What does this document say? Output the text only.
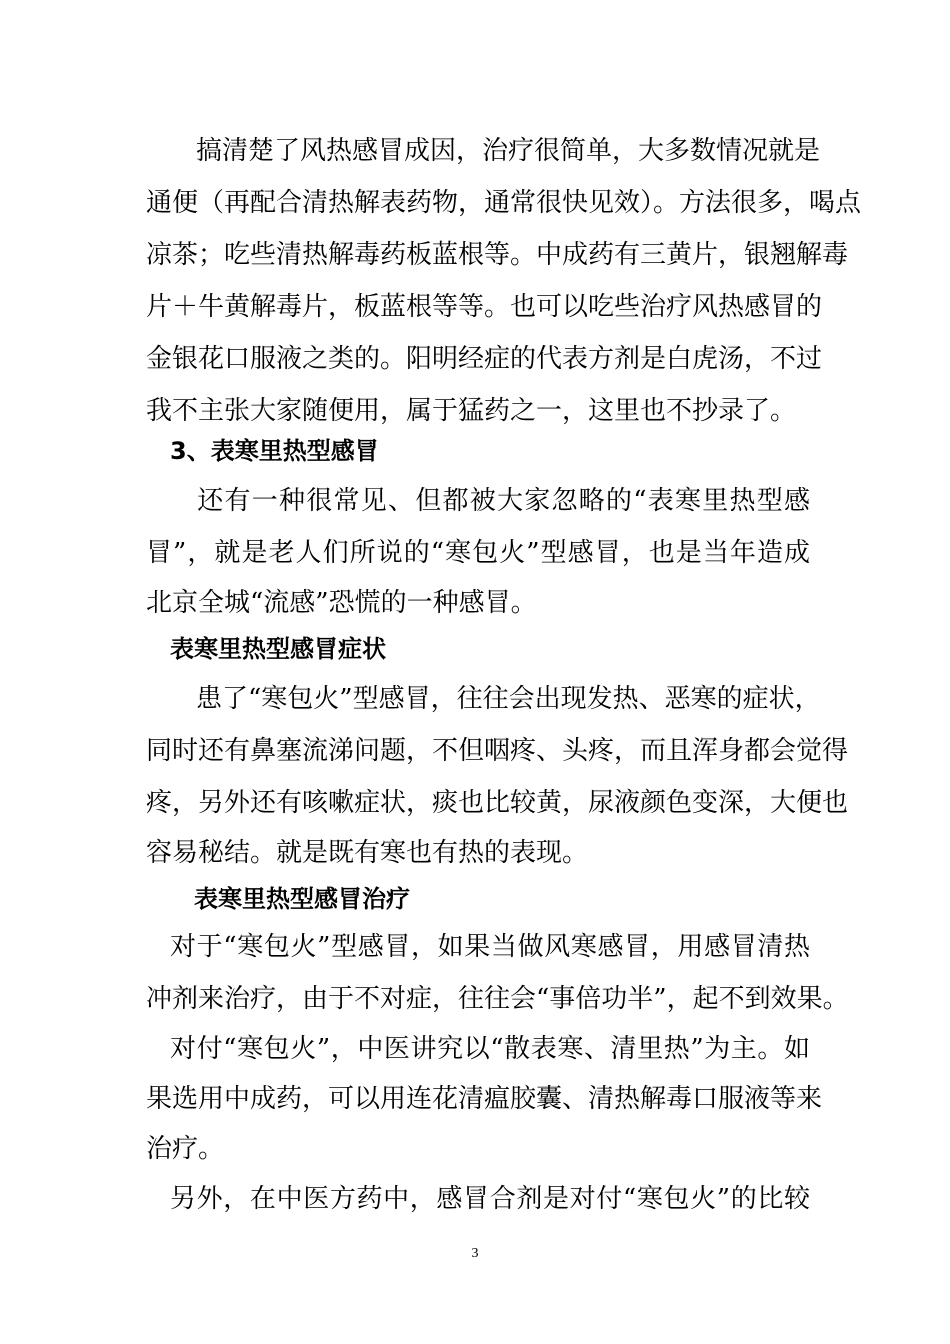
　搞清楚了风热感冒成因，治疗很简单，大多数情况就是
通便（再配合清热解表药物，通常很快见效）。方法很多，喝点
凉茶；吃些清热解毒药板蓝根等。中成药有三黄片，银翘解毒
片＋牛黄解毒片，板蓝根等等。也可以吃些治疗风热感冒的
金银花口服液之类的。阳明经症的代表方剂是白虎汤，不过
我不主张大家随便用，属于猛药之一，这里也不抄录了。
3、表寒里热型感冒
　还有一种很常见、但都被大家忽略的“表寒里热型感
冒”，就是老人们所说的“寒包火”型感冒，也是当年造成
北京全城“流感”恐慌的一种感冒。
表寒里热型感冒症状
　患了“寒包火”型感冒，往往会出现发热、恶寒的症状，
同时还有鼻塞流涕问题，不但咽疼、头疼，而且浑身都会觉得
疼，另外还有咳嗽症状，痰也比较黄，尿液颜色变深，大便也
容易秘结。就是既有寒也有热的表现。
表寒里热型感冒治疗
对于“寒包火”型感冒，如果当做风寒感冒，用感冒清热
冲剂来治疗，由于不对症，往往会“事倍功半”，起不到效果。
对付“寒包火”，中医讲究以“散表寒、清里热”为主。如
果选用中成药，可以用连花清瘟胶囊、清热解毒口服液等来
治疗。
另外，在中医方药中，感冒合剂是对付“寒包火”的比较
3
